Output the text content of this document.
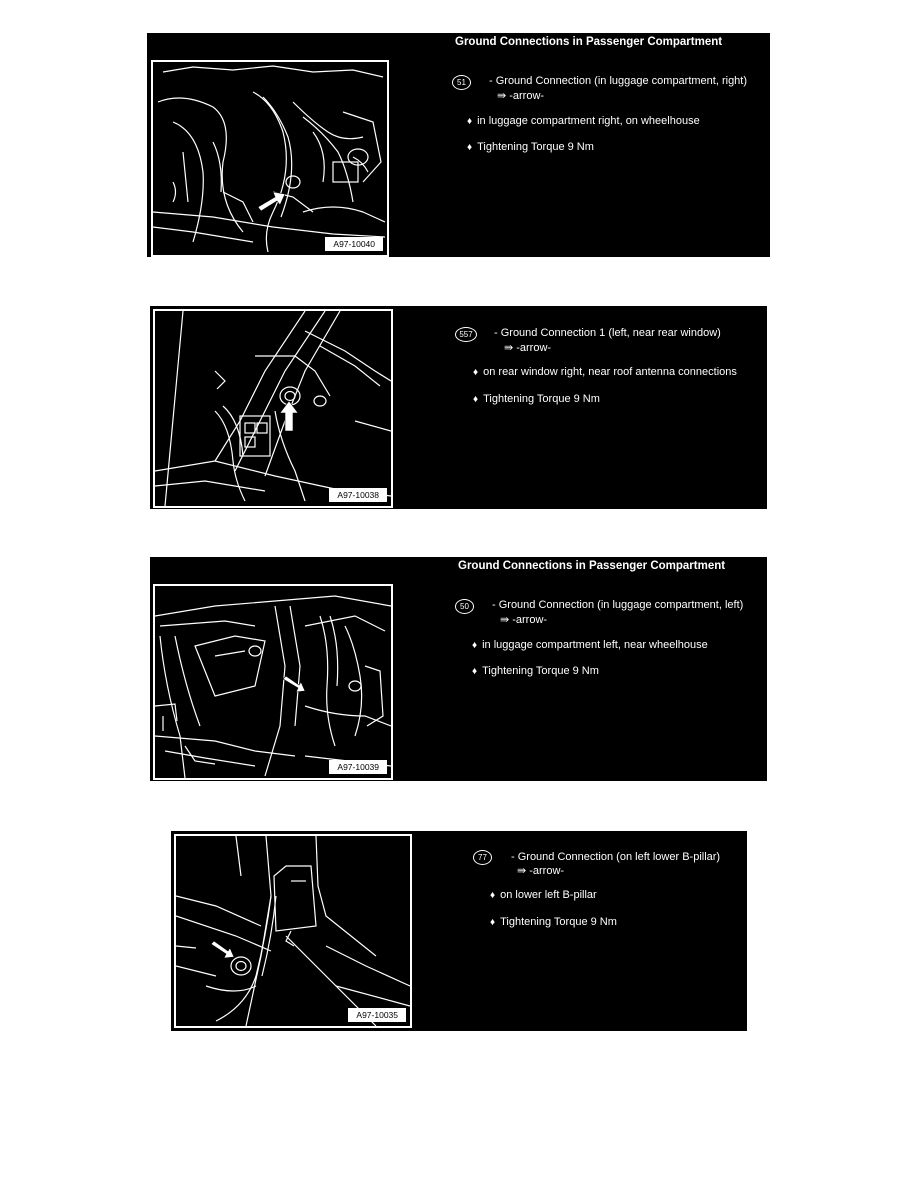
A97-10040
Ground Connections in Passenger Compartment
51	- Ground Connection (in luggage compartment, right)
⇛ -arrow-
♦ in luggage compartment right, on wheelhouse
♦ Tightening Torque 9 Nm
A97-10038
557	- Ground Connection 1 (left, near rear window)
⇛ -arrow-
♦ on rear window right, near roof antenna connections
♦ Tightening Torque 9 Nm
A97-10039
Ground Connections in Passenger Compartment
50	- Ground Connection (in luggage compartment, left)
⇛ -arrow-
♦ in luggage compartment left, near wheelhouse
♦ Tightening Torque 9 Nm
A97-10035
77	- Ground Connection (on left lower B-pillar)
⇛ -arrow-
♦ on lower left B-pillar
♦ Tightening Torque 9 Nm
